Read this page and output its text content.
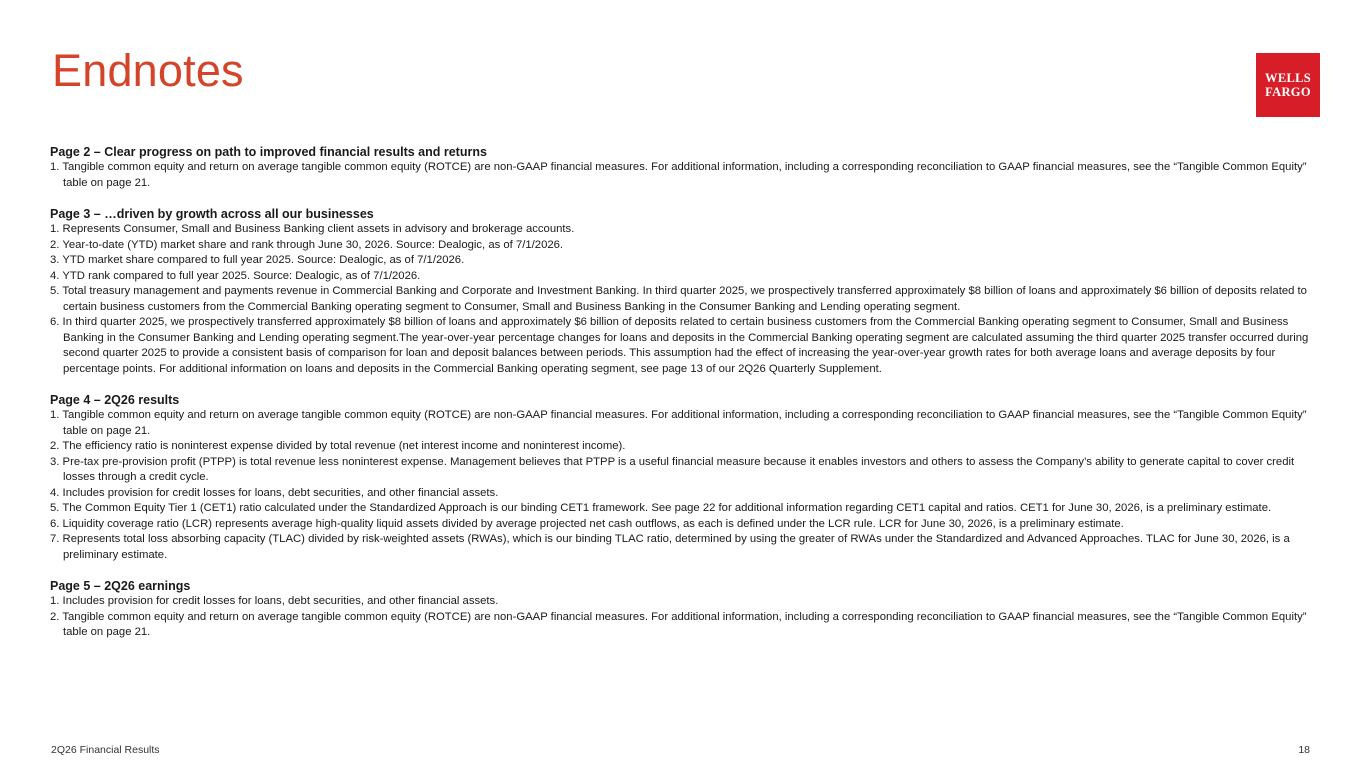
Endnotes	WELLS
FARGO
Page 2 – Clear progress on path to improved financial results and returns
1. Tangible common equity and return on average tangible common equity (ROTCE) are non-GAAP financial measures. For additional information, including a corresponding reconciliation to GAAP financial measures, see the “Tangible Common Equity” table on page 21.
Page 3 – …driven by growth across all our businesses
1. Represents Consumer, Small and Business Banking client assets in advisory and brokerage accounts.
2. Year-to-date (YTD) market share and rank through June 30, 2026. Source: Dealogic, as of 7/1/2026.
3. YTD market share compared to full year 2025. Source: Dealogic, as of 7/1/2026.
4. YTD rank compared to full year 2025. Source: Dealogic, as of 7/1/2026.
5. Total treasury management and payments revenue in Commercial Banking and Corporate and Investment Banking. In third quarter 2025, we prospectively transferred approximately $8 billion of loans and approximately $6 billion of deposits related to certain business customers from the Commercial Banking operating segment to Consumer, Small and Business Banking in the Consumer Banking and Lending operating segment.
6. In third quarter 2025, we prospectively transferred approximately $8 billion of loans and approximately $6 billion of deposits related to certain business customers from the Commercial Banking operating segment to Consumer, Small and Business Banking in the Consumer Banking and Lending operating segment.The year-over-year percentage changes for loans and deposits in the Commercial Banking operating segment are calculated assuming the third quarter 2025 transfer occurred during second quarter 2025 to provide a consistent basis of comparison for loan and deposit balances between periods. This assumption had the effect of increasing the year-over-year growth rates for both average loans and average deposits by four percentage points. For additional information on loans and deposits in the Commercial Banking operating segment, see page 13 of our 2Q26 Quarterly Supplement.
Page 4 – 2Q26 results
1. Tangible common equity and return on average tangible common equity (ROTCE) are non-GAAP financial measures. For additional information, including a corresponding reconciliation to GAAP financial measures, see the “Tangible Common Equity” table on page 21.
2. The efficiency ratio is noninterest expense divided by total revenue (net interest income and noninterest income).
3. Pre-tax pre-provision profit (PTPP) is total revenue less noninterest expense. Management believes that PTPP is a useful financial measure because it enables investors and others to assess the Company’s ability to generate capital to cover credit losses through a credit cycle.
4. Includes provision for credit losses for loans, debt securities, and other financial assets.
5. The Common Equity Tier 1 (CET1) ratio calculated under the Standardized Approach is our binding CET1 framework. See page 22 for additional information regarding CET1 capital and ratios. CET1 for June 30, 2026, is a preliminary estimate.
6. Liquidity coverage ratio (LCR) represents average high-quality liquid assets divided by average projected net cash outflows, as each is defined under the LCR rule. LCR for June 30, 2026, is a preliminary estimate.
7. Represents total loss absorbing capacity (TLAC) divided by risk-weighted assets (RWAs), which is our binding TLAC ratio, determined by using the greater of RWAs under the Standardized and Advanced Approaches. TLAC for June 30, 2026, is a preliminary estimate.
Page 5 – 2Q26 earnings
1. Includes provision for credit losses for loans, debt securities, and other financial assets.
2. Tangible common equity and return on average tangible common equity (ROTCE) are non-GAAP financial measures. For additional information, including a corresponding reconciliation to GAAP financial measures, see the “Tangible Common Equity” table on page 21.
2Q26 Financial Results	18
